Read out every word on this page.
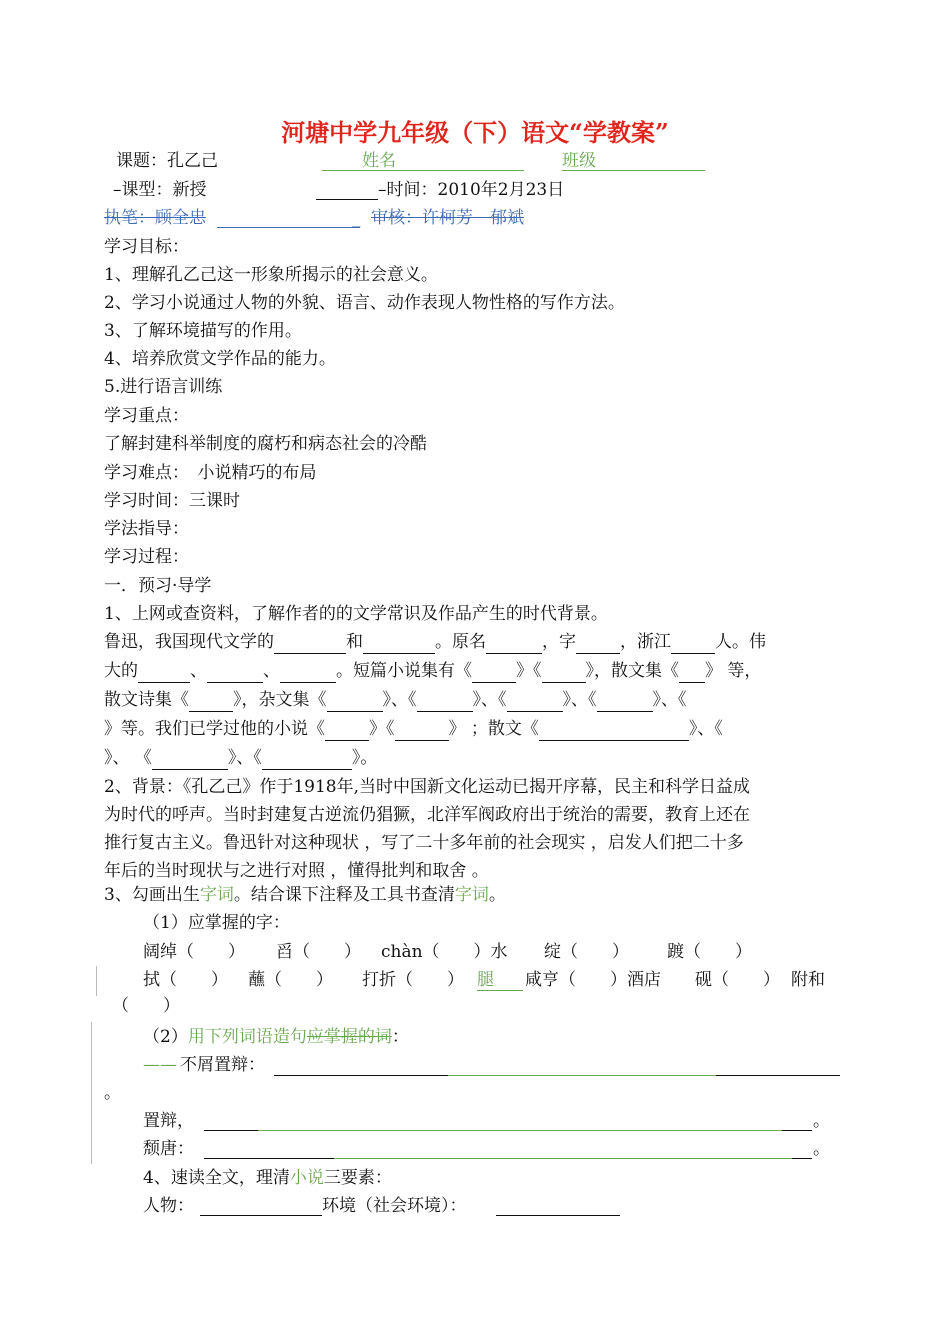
河塘中学九年级（下）语文“学教案”
课题：孔乙己	姓名	班级
–课型：新授	–时间：2010年2月23日
执笔：顾全忠	_ 审核：许柯芳　郁斌
学习目标：
1、理解孔乙己这一形象所揭示的社会意义。
2、学习小说通过人物的外貌、语言、动作表现人物性格的写作方法。
3、了解环境描写的作用。
4、培养欣赏文学作品的能力。
5.进行语言训练
学习重点：
了解封建科举制度的腐朽和病态社会的冷酷
学习难点：　小说精巧的布局
学习时间：三课时
学法指导：
学习过程：
一．预习·导学
1、上网或查资料，了解作者的的文学常识及作品产生的时代背景。
鲁迅，我国现代文学的	和	。原名	，字	，浙江	人。伟
大的	、	、	。短篇小说集有《	》《	》，散文集《 》 等，
散文诗集《	》，杂文集《	》、《	》、《	》、《	》、《
》等。我们已学过他的小说《	》《	》 ；散文《	》、《
》、 《	》、《	》。
2、背景：《孔乙己》作于1918年,当时中国新文化运动已揭开序幕，民主和科学日益成
为时代的呼声。当时封建复古逆流仍猖獗，北洋军阀政府出于统治的需要，教育上还在
推行复古主义。鲁迅针对这种现状 ，写了二十多年前的社会现实 ，启发人们把二十多
年后的当时现状与之进行对照 ，懂得批判和取舍 。
3、勾画出生字词。结合课下注释及工具书查清字词。
（1）应掌握的字：
阔绰（　　） 舀（　　） chàn（　　）水 绽（　　） 踱（　　）
拭（　　） 蘸（　　） 打折（　　） 腿 咸亨（　　）酒店 砚（　　） 附和
（　　）
（2）用下列词语造句应掌握的词：
—— 不屑置辩：
。
置辩，	。
颓唐：	。
4、速读全文，理清小说三要素：
人物：	环境（社会环境）：
